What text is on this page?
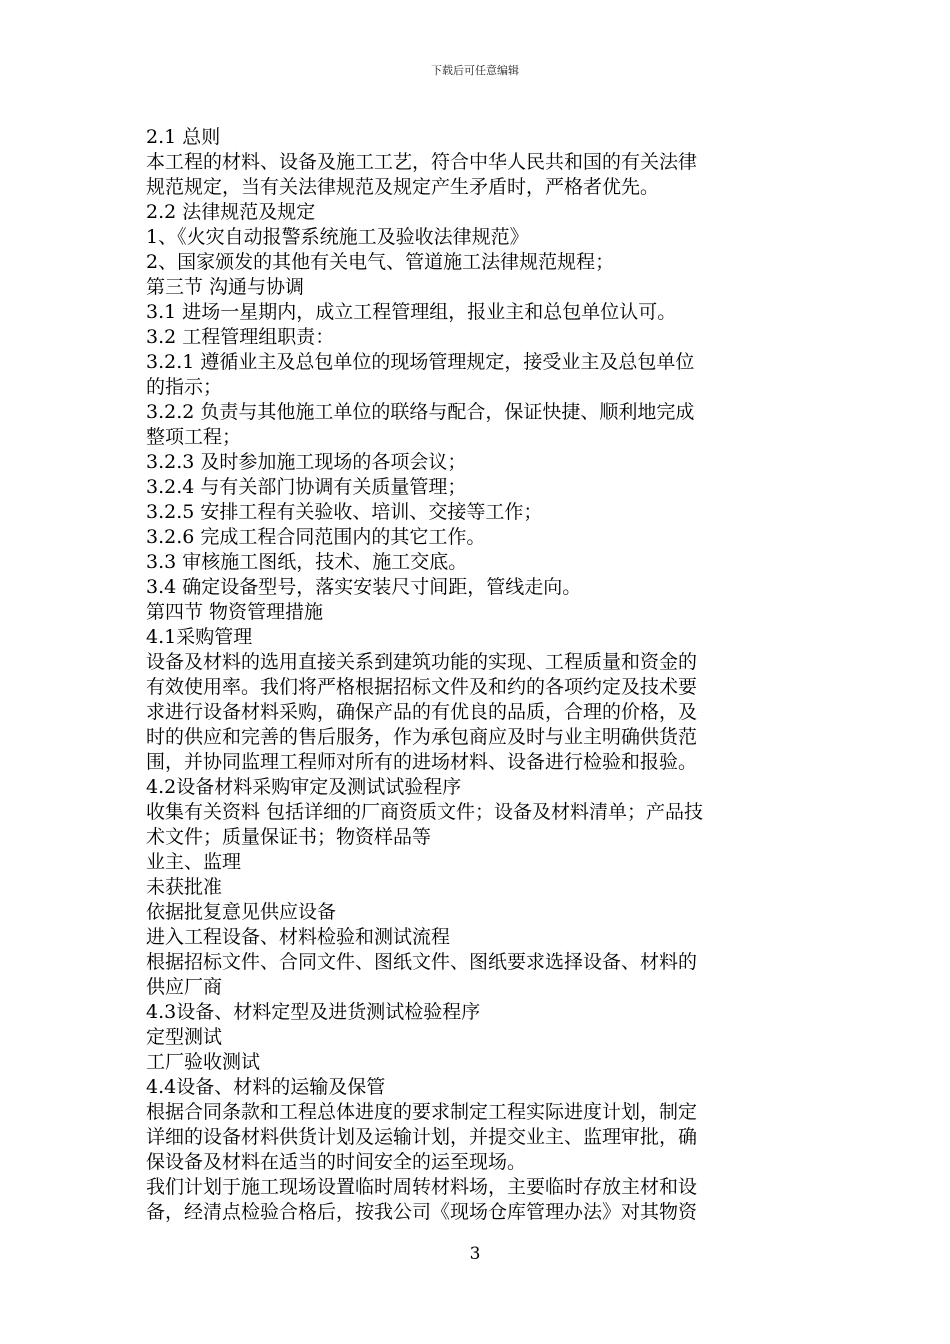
下载后可任意编辑
2.1 总则
本工程的材料、设备及施工工艺，符合中华人民共和国的有关法律
规范规定，当有关法律规范及规定产生矛盾时，严格者优先。
2.2 法律规范及规定
1、《火灾自动报警系统施工及验收法律规范》
2、国家颁发的其他有关电气、管道施工法律规范规程；
第三节 沟通与协调
3.1 进场一星期内，成立工程管理组，报业主和总包单位认可。
3.2 工程管理组职责：
3.2.1 遵循业主及总包单位的现场管理规定，接受业主及总包单位
的指示；
3.2.2 负责与其他施工单位的联络与配合，保证快捷、顺利地完成
整项工程；
3.2.3 及时参加施工现场的各项会议；
3.2.4 与有关部门协调有关质量管理；
3.2.5 安排工程有关验收、培训、交接等工作；
3.2.6 完成工程合同范围内的其它工作。
3.3 审核施工图纸，技术、施工交底。
3.4 确定设备型号，落实安装尺寸间距，管线走向。
第四节 物资管理措施
4.1采购管理
设备及材料的选用直接关系到建筑功能的实现、工程质量和资金的
有效使用率。我们将严格根据招标文件及和约的各项约定及技术要
求进行设备材料采购，确保产品的有优良的品质，合理的价格，及
时的供应和完善的售后服务，作为承包商应及时与业主明确供货范
围，并协同监理工程师对所有的进场材料、设备进行检验和报验。
4.2设备材料采购审定及测试试验程序
收集有关资料 包括详细的厂商资质文件；设备及材料清单；产品技
术文件；质量保证书；物资样品等
业主、监理
未获批准
依据批复意见供应设备
进入工程设备、材料检验和测试流程
根据招标文件、合同文件、图纸文件、图纸要求选择设备、材料的
供应厂商
4.3设备、材料定型及进货测试检验程序
定型测试
工厂验收测试
4.4设备、材料的运输及保管
根据合同条款和工程总体进度的要求制定工程实际进度计划，制定
详细的设备材料供货计划及运输计划，并提交业主、监理审批，确
保设备及材料在适当的时间安全的运至现场。
我们计划于施工现场设置临时周转材料场，主要临时存放主材和设
备，经清点检验合格后，按我公司《现场仓库管理办法》对其物资
3
